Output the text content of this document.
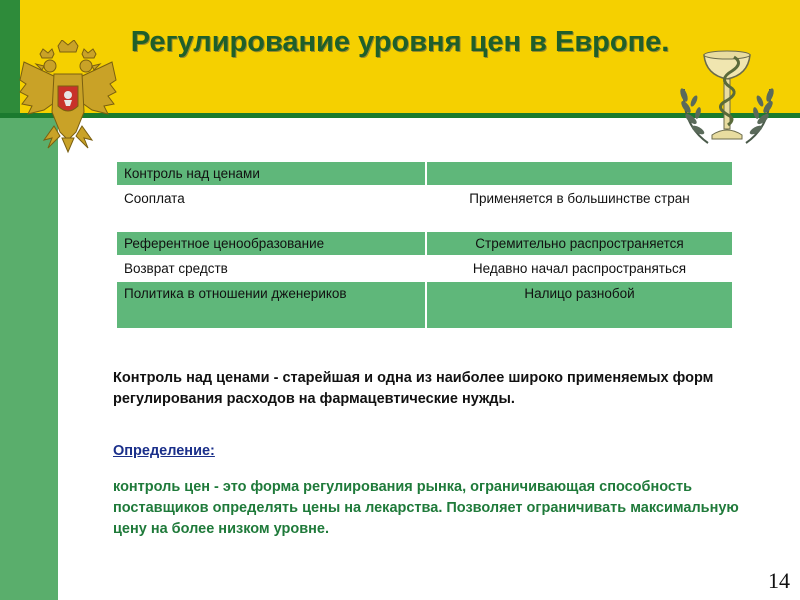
Регулирование уровня цен в Европе.
Контроль над ценами	
Сооплата	Применяется в большинстве стран

Референтное ценообразование	Стремительно распространяется
Возврат средств	Недавно начал распространяться
Политика в отношении дженериков	Налицо разнобой
Контроль над ценами - старейшая и одна из наиболее широко применяемых форм регулирования расходов на фармацевтические нужды.
Определение:
контроль цен - это форма регулирования рынка, ограничивающая способность поставщиков определять цены на лекарства. Позволяет ограничивать максимальную цену на более низком уровне.
14
